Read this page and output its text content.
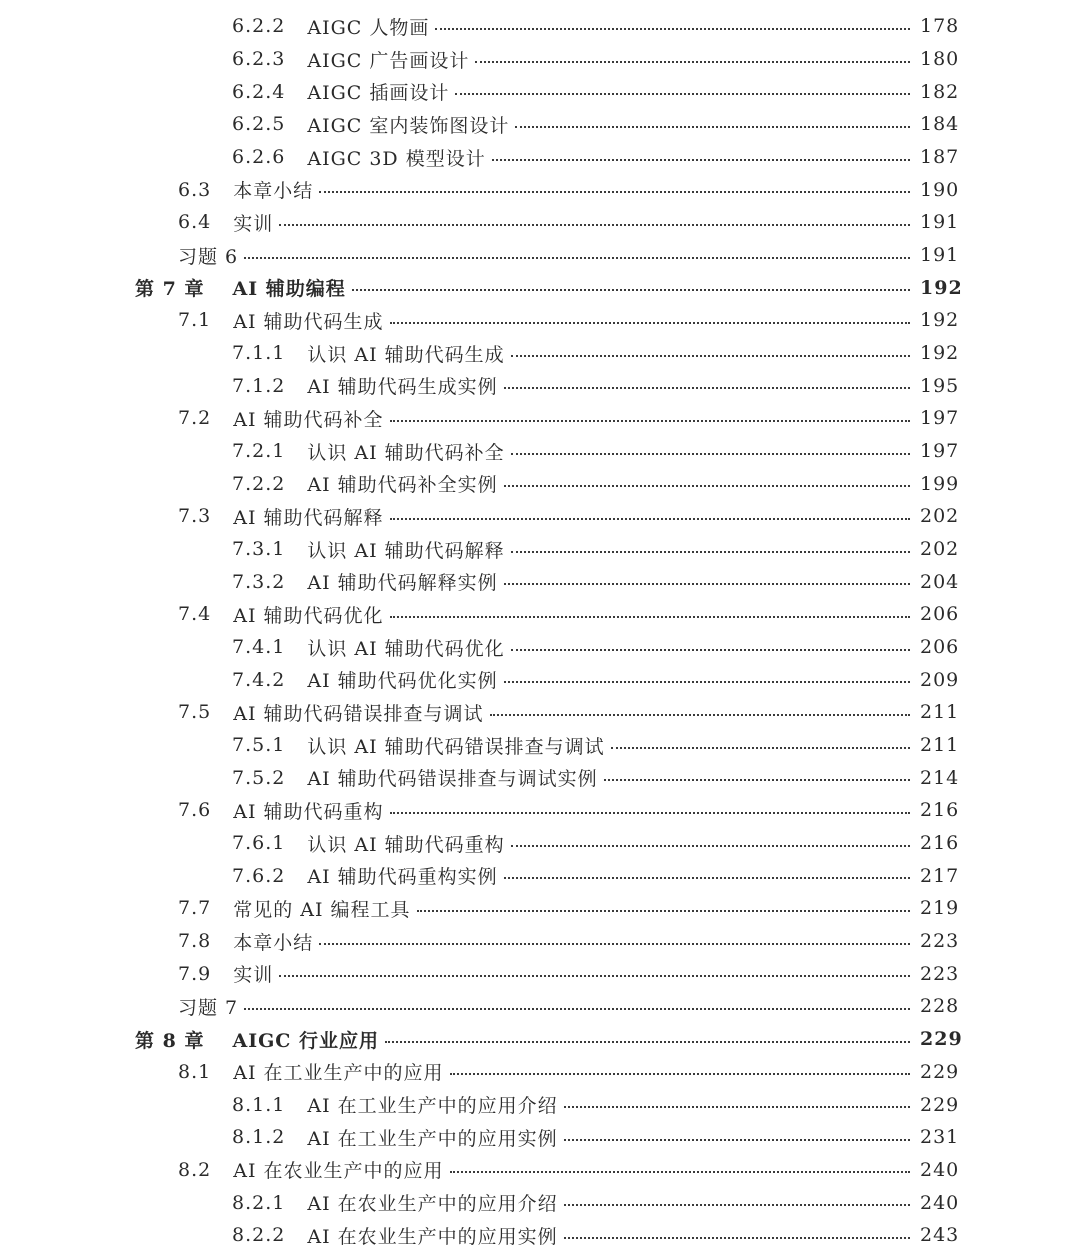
6.2.2	AIGC 人物画	178
6.2.3	AIGC 广告画设计	180
6.2.4	AIGC 插画设计	182
6.2.5	AIGC 室内装饰图设计	184
6.2.6	AIGC 3D 模型设计	187
6.3	本章小结	190
6.4	实训	191
习题 6	191
第 7 章	AI 辅助编程	192
7.1	AI 辅助代码生成	192
7.1.1	认识 AI 辅助代码生成	192
7.1.2	AI 辅助代码生成实例	195
7.2	AI 辅助代码补全	197
7.2.1	认识 AI 辅助代码补全	197
7.2.2	AI 辅助代码补全实例	199
7.3	AI 辅助代码解释	202
7.3.1	认识 AI 辅助代码解释	202
7.3.2	AI 辅助代码解释实例	204
7.4	AI 辅助代码优化	206
7.4.1	认识 AI 辅助代码优化	206
7.4.2	AI 辅助代码优化实例	209
7.5	AI 辅助代码错误排查与调试	211
7.5.1	认识 AI 辅助代码错误排查与调试	211
7.5.2	AI 辅助代码错误排查与调试实例	214
7.6	AI 辅助代码重构	216
7.6.1	认识 AI 辅助代码重构	216
7.6.2	AI 辅助代码重构实例	217
7.7	常见的 AI 编程工具	219
7.8	本章小结	223
7.9	实训	223
习题 7	228
第 8 章	AIGC 行业应用	229
8.1	AI 在工业生产中的应用	229
8.1.1	AI 在工业生产中的应用介绍	229
8.1.2	AI 在工业生产中的应用实例	231
8.2	AI 在农业生产中的应用	240
8.2.1	AI 在农业生产中的应用介绍	240
8.2.2	AI 在农业生产中的应用实例	243
